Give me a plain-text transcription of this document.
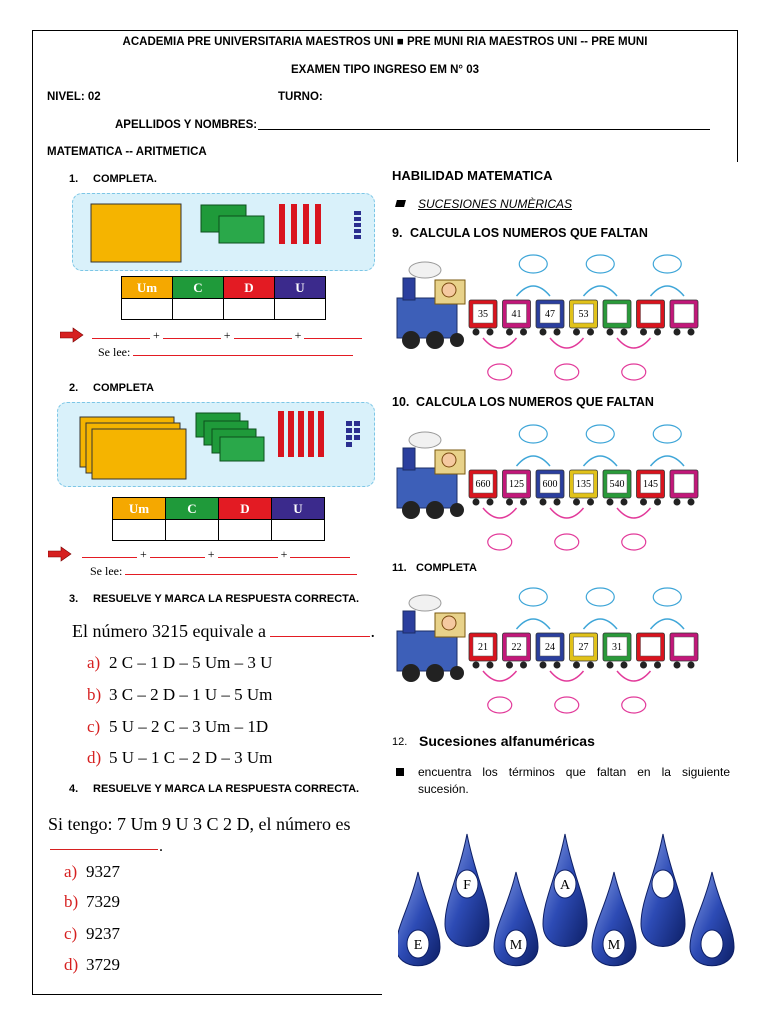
ACADEMIA PRE UNIVERSITARIA MAESTROS UNI ■ PRE MUNI RIA MAESTROS UNI -- PRE MUNI
EXAMEN TIPO INGRESO EM N° 03
NIVEL: 02	TURNO:
APELLIDOS Y NOMBRES:
MATEMATICA -- ARITMETICA
1. COMPLETA.
Um	C	D	U

+	+	+
Se lee:
2. COMPLETA
Um	C	D	U

+	+	+
Se lee:
3. RESUELVE Y MARCA LA RESPUESTA CORRECTA.
El número 3215 equivale a	.
a) 2 C – 1 D – 5 Um – 3 U
b) 3 C – 2 D – 1 U – 5 Um
c) 5 U – 2 C – 3 Um – 1D
d) 5 U – 1 C – 2 D – 3 Um
4. RESUELVE Y MARCA LA RESPUESTA CORRECTA.
Si tengo: 7 Um 9 U 3 C 2 D, el número es
.
a) 9327
b) 7329
c) 9237
d) 3729
HABILIDAD MATEMATICA
SUCESIONES NUMÈRICAS
9. CALCULA LOS NUMEROS QUE FALTAN
35 41 47 53
10. CALCULA LOS NUMEROS QUE FALTAN
660 125 600 135 540 145
11. COMPLETA
21 22 24 27 31
12. Sucesiones alfanuméricas
encuentra los términos que faltan en la siguiente sucesión.
E
F
M
A
M
